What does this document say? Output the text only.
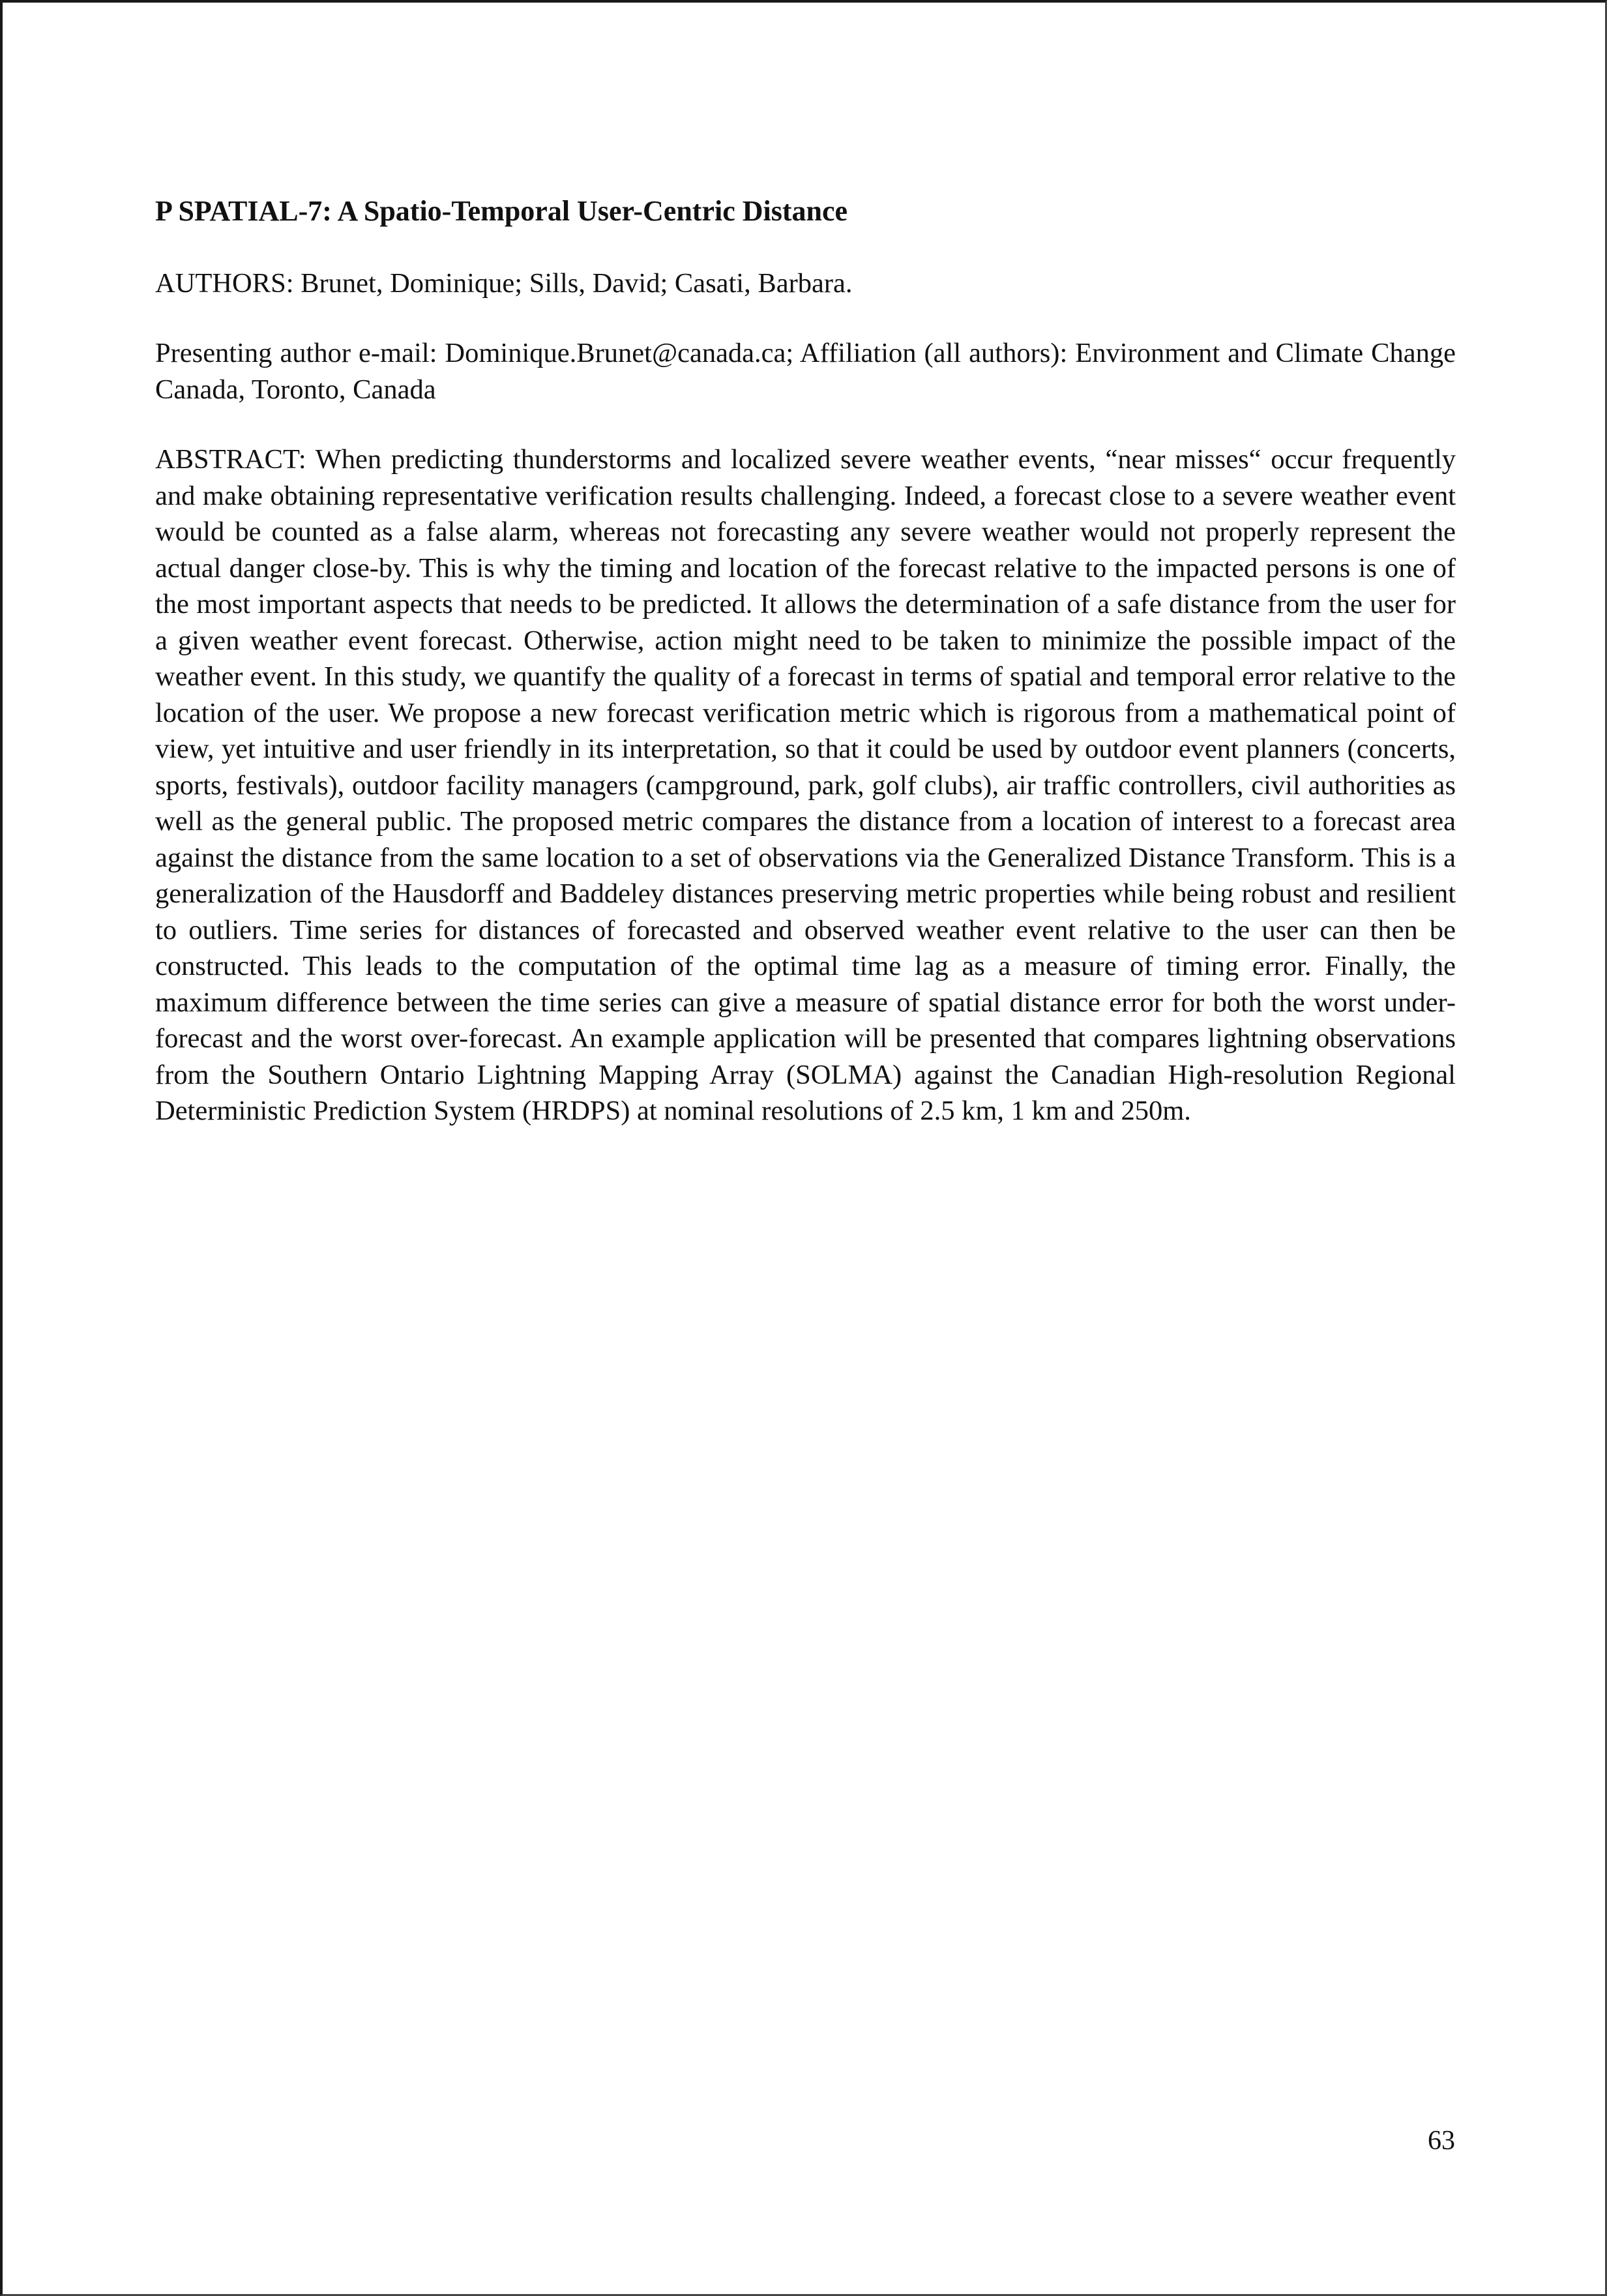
P SPATIAL-7: A Spatio-Temporal User-Centric Distance

AUTHORS: Brunet, Dominique; Sills, David; Casati, Barbara.

Presenting author e-mail: Dominique.Brunet@canada.ca; Affiliation (all authors): Environment and Climate Change Canada, Toronto, Canada

ABSTRACT: When predicting thunderstorms and localized severe weather events, “near misses“ occur frequently and make obtaining representative verification results challenging. Indeed, a forecast close to a severe weather event would be counted as a false alarm, whereas not forecasting any severe weather would not properly represent the actual danger close-by. This is why the timing and location of the forecast relative to the impacted persons is one of the most important aspects that needs to be predicted. It allows the determination of a safe distance from the user for a given weather event forecast. Otherwise, action might need to be taken to minimize the possible impact of the weather event. In this study, we quantify the quality of a forecast in terms of spatial and temporal error relative to the location of the user. We propose a new forecast verification metric which is rigorous from a mathematical point of view, yet intuitive and user friendly in its interpretation, so that it could be used by outdoor event planners (concerts, sports, festivals), outdoor facility managers (campground, park, golf clubs), air traffic controllers, civil authorities as well as the general public. The proposed metric compares the distance from a location of interest to a forecast area against the distance from the same location to a set of observations via the Generalized Distance Transform. This is a generalization of the Hausdorff and Baddeley distances preserving metric properties while being robust and resilient to outliers. Time series for distances of forecasted and observed weather event relative to the user can then be constructed. This leads to the computation of the optimal time lag as a measure of timing error. Finally, the maximum difference between the time series can give a measure of spatial distance error for both the worst under-forecast and the worst over-forecast. An example application will be presented that compares lightning observations from the Southern Ontario Lightning Mapping Array (SOLMA) against the Canadian High-resolution Regional Deterministic Prediction System (HRDPS) at nominal resolutions of 2.5 km, 1 km and 250m.

63
